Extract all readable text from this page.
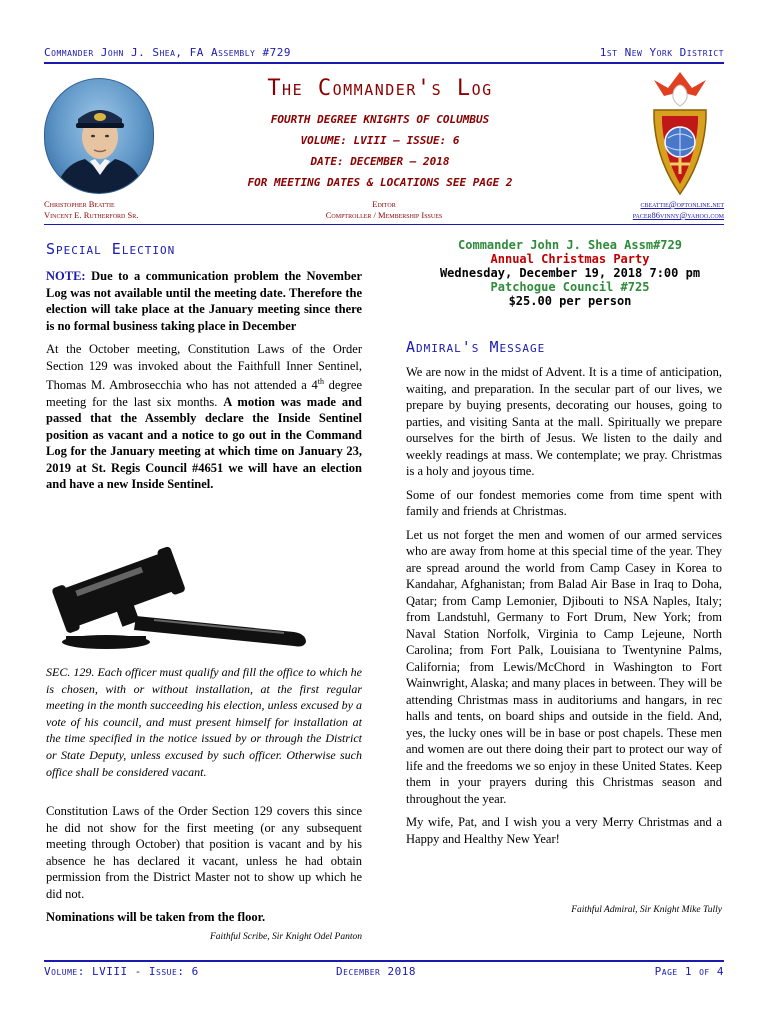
Commander John J. Shea, FA Assembly #729	1st New York District
The Commander's Log
FOURTH DEGREE KNIGHTS OF COLUMBUS
VOLUME: LVIII – ISSUE: 6
DATE: DECEMBER – 2018
FOR MEETING DATES & LOCATIONS SEE PAGE 2
Christopher Beattie
Vincent E. Rutherford Sr.
Editor
Comptroller / Membership Issues
cbeattie@optonline.net
pacer86vinny@yahoo.com
Special Election

NOTE: Due to a communication problem the November Log was not available until the meeting date. Therefore the election will take place at the January meeting since there is no formal business taking place in December

At the October meeting, Constitution Laws of the Order Section 129 was invoked about the Faithfull Inner Sentinel, Thomas M. Ambrosecchia who has not attended a 4th degree meeting for the last six months. A motion was made and passed that the Assembly declare the Inside Sentinel position as vacant and a notice to go out in the Command Log for the January meeting at which time on January 23, 2019 at St. Regis Council #4651 we will have an election and have a new Inside Sentinel.

SEC. 129. Each officer must qualify and fill the office to which he is chosen, with or without installation, at the first regular meeting in the month succeeding his election, unless excused by a vote of his council, and must present himself for installation at the time specified in the notice issued by or through the District or State Deputy, unless excused by such officer. Otherwise such office shall be considered vacant.
Constitution Laws of the Order Section 129 covers this since he did not show for the first meeting (or any subsequent meeting through October) that position is vacant and by his absence he has declared it vacant, unless he had obtain permission from the District Master not to show up which he did not.
Nominations will be taken from the floor.
Faithful Scribe, Sir Knight Odel Panton
Commander John J. Shea Assm#729
Annual Christmas Party
Wednesday, December 19, 2018 7:00 pm
Patchogue Council #725
$25.00 per person
Admiral's Message

We are now in the midst of Advent. It is a time of anticipation, waiting, and preparation. In the secular part of our lives, we prepare by buying presents, decorating our houses, going to parties, and visiting Santa at the mall. Spiritually we prepare ourselves for the birth of Jesus. We listen to the daily and weekly readings at mass. We contemplate; we pray. Christmas is a holy and joyous time.

Some of our fondest memories come from time spent with family and friends at Christmas.

Let us not forget the men and women of our armed services who are away from home at this special time of the year. They are spread around the world from Camp Casey in Korea to Kandahar, Afghanistan; from Balad Air Base in Iraq to Doha, Qatar; from Camp Lemonier, Djibouti to NSA Naples, Italy; from Landstuhl, Germany to Fort Drum, New York; from Naval Station Norfolk, Virginia to Camp Lejeune, North Carolina; from Fort Palk, Louisiana to Twentynine Palms, California; from Lewis/McChord in Washington to Fort Wainwright, Alaska; and many places in between. They will be attending Christmas mass in auditoriums and hangars, in rec halls and tents, on board ships and outside in the field. And, yes, the lucky ones will be in base or post chapels. These men and women are out there doing their part to protect our way of life and the freedoms we so enjoy in these United States. Keep them in your prayers during this Christmas season and throughout the year.

My wife, Pat, and I wish you a very Merry Christmas and a Happy and Healthy New Year!

Faithful Admiral, Sir Knight Mike Tully
Volume: LVIII - Issue: 6	December 2018	Page 1 of 4
